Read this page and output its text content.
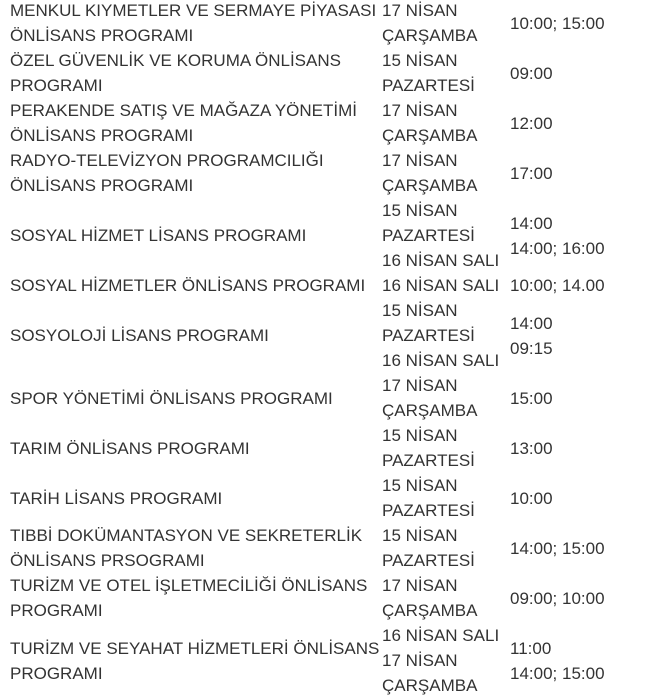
MENKUL KIYMETLER VE SERMAYE PİYASASI ÖNLİSANS PROGRAMI
17 NİSAN
ÇARŞAMBA
10:00; 15:00
ÖZEL GÜVENLİK VE KORUMA ÖNLİSANS PROGRAMI
15 NİSAN
PAZARTESİ
09:00
PERAKENDE SATIŞ VE MAĞAZA YÖNETİMİ ÖNLİSANS PROGRAMI
17 NİSAN
ÇARŞAMBA
12:00
RADYO-TELEVİZYON PROGRAMCILIĞI ÖNLİSANS PROGRAMI
17 NİSAN
ÇARŞAMBA
17:00
SOSYAL HİZMET LİSANS PROGRAMI
15 NİSAN
PAZARTESİ
16 NİSAN SALI
14:00
14:00; 16:00
SOSYAL HİZMETLER ÖNLİSANS PROGRAMI 16 NİSAN SALI 10:00; 14.00
SOSYOLOJİ LİSANS PROGRAMI
15 NİSAN
PAZARTESİ
16 NİSAN SALI
14:00
09:15
SPOR YÖNETİMİ ÖNLİSANS PROGRAMI
17 NİSAN
ÇARŞAMBA
15:00
TARIM ÖNLİSANS PROGRAMI
15 NİSAN
PAZARTESİ
13:00
TARİH LİSANS PROGRAMI
15 NİSAN
PAZARTESİ
10:00
TIBBİ DOKÜMANTASYON VE SEKRETERLİK ÖNLİSANS PRSOGRAMI
15 NİSAN
PAZARTESİ
14:00; 15:00
TURİZM VE OTEL İŞLETMECİLİĞİ ÖNLİSANS PROGRAMI
17 NİSAN
ÇARŞAMBA
09:00; 10:00
TURİZM VE SEYAHAT HİZMETLERİ ÖNLİSANS PROGRAMI
16 NİSAN SALI
17 NİSAN
ÇARŞAMBA
11:00
14:00; 15:00
